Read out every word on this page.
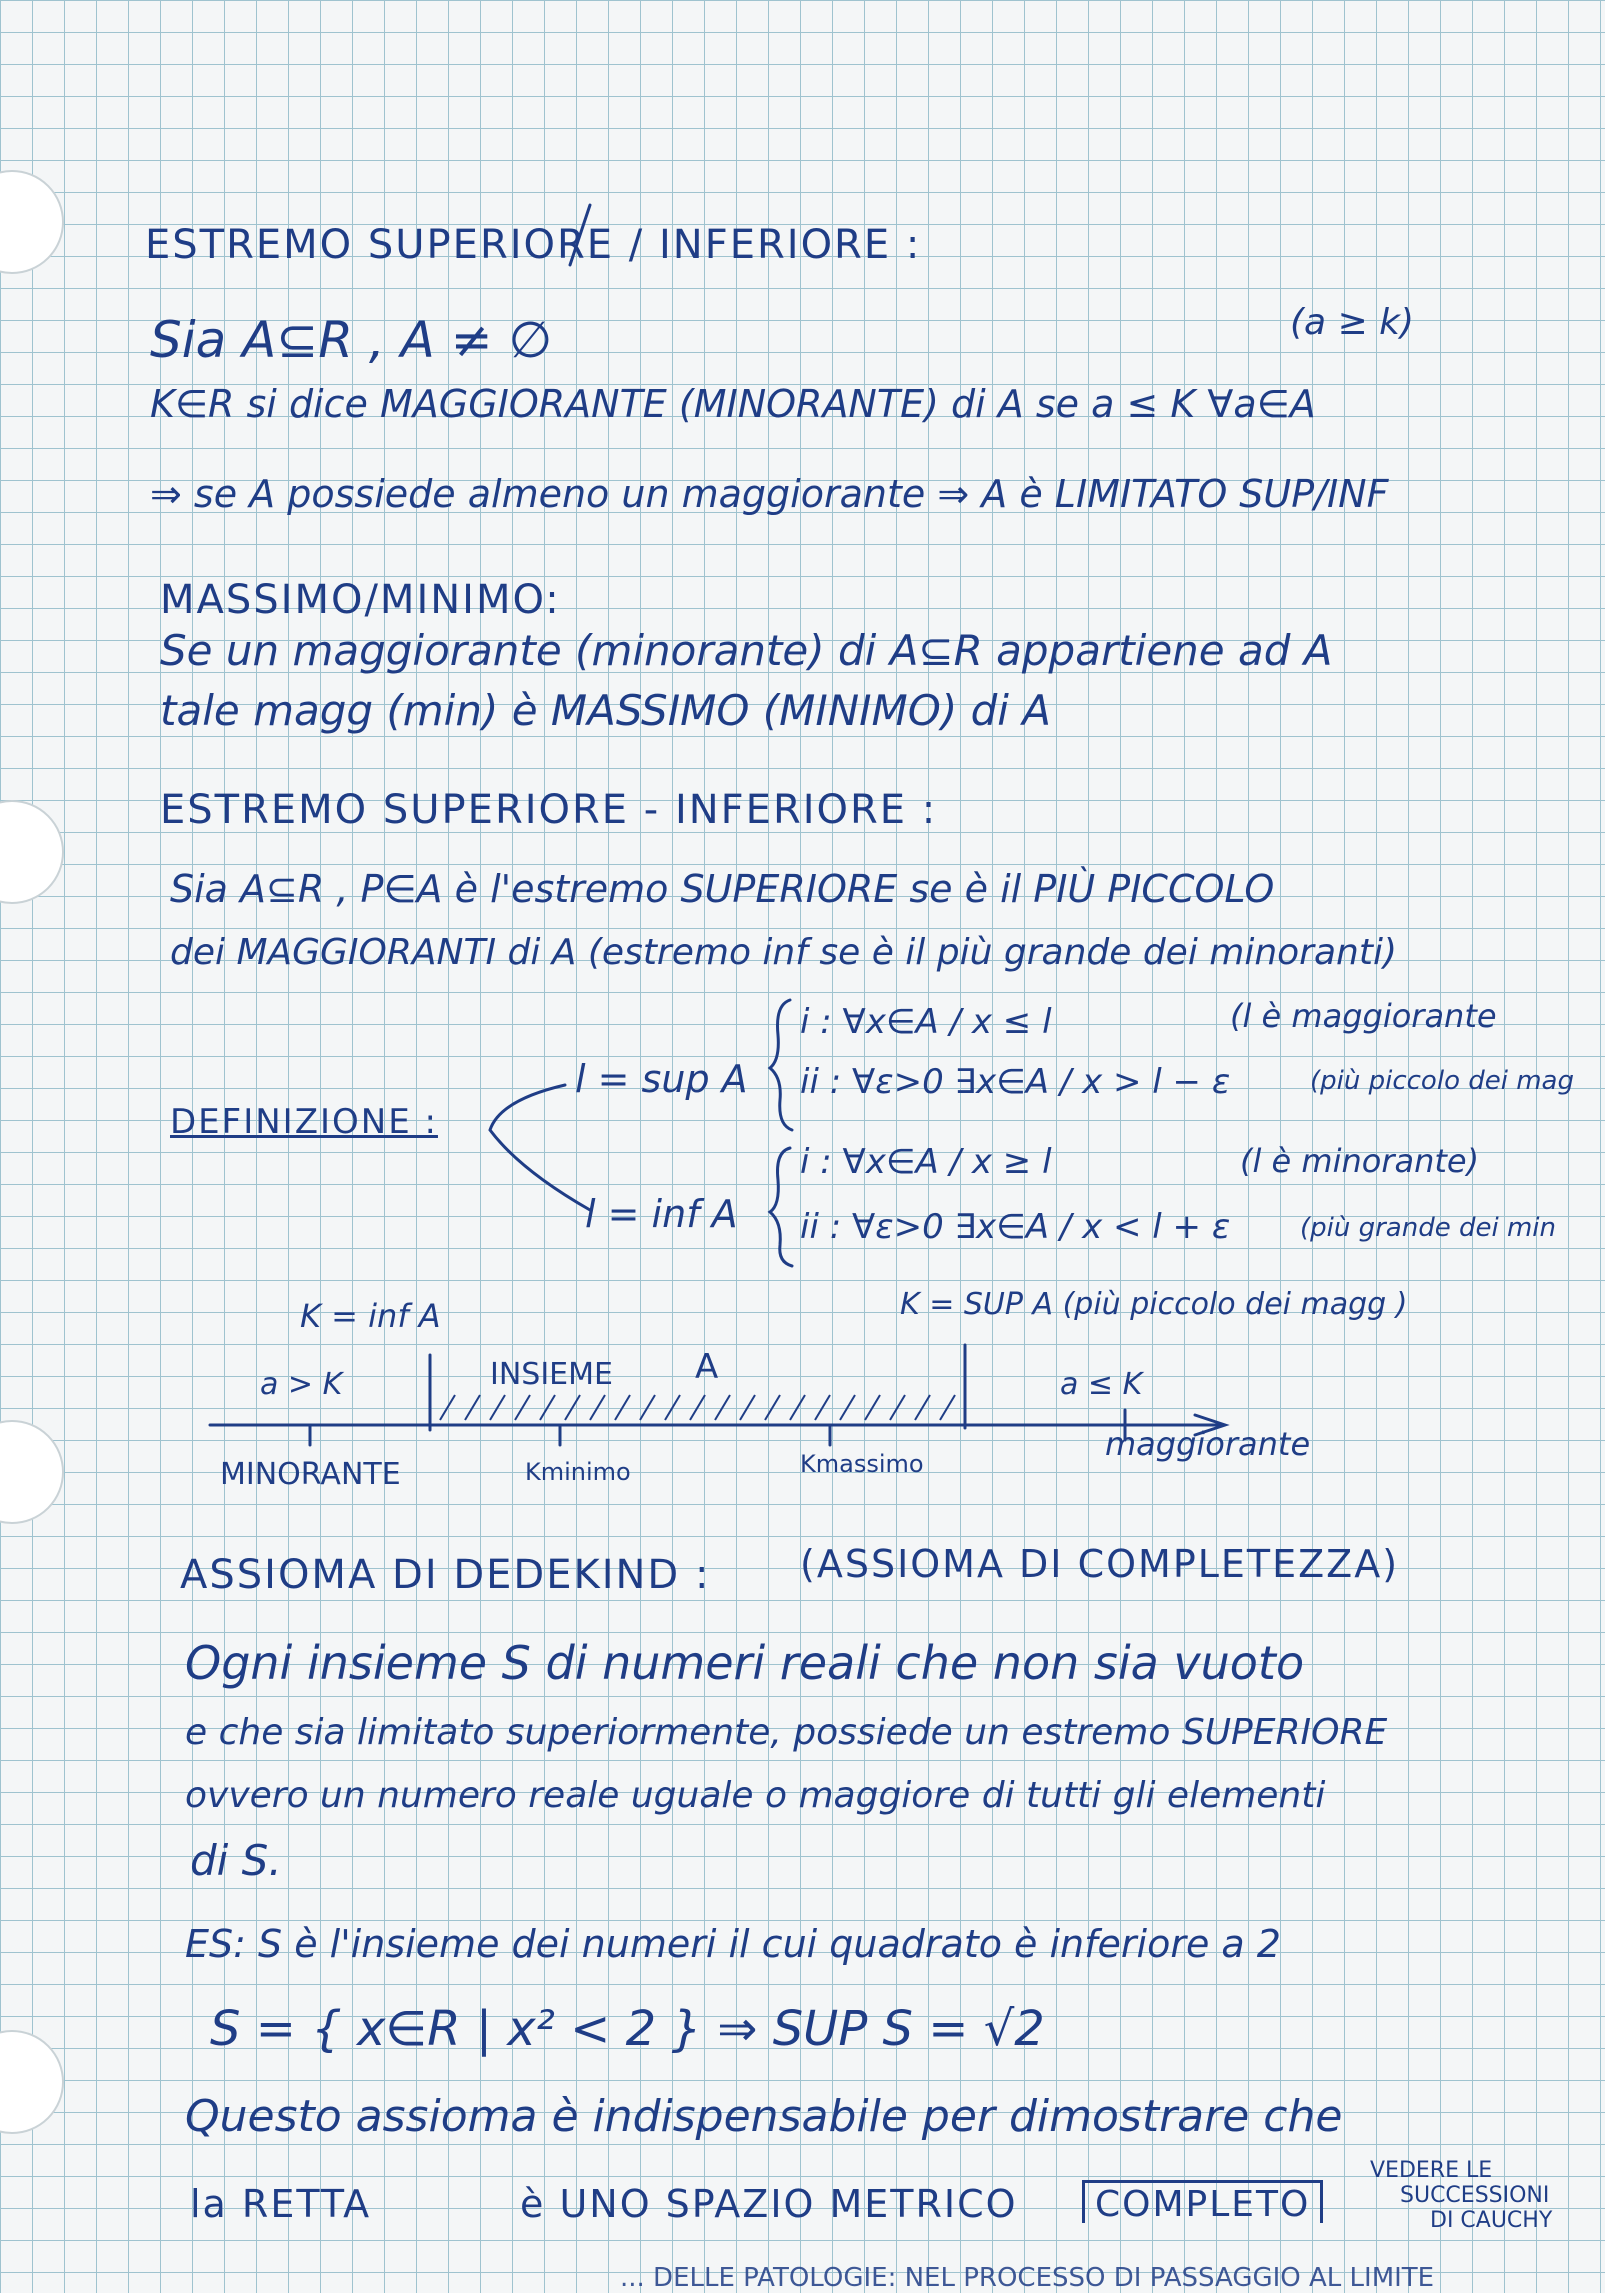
ESTREMO SUPERIORE / INFERIORE :
(a ≥ k)
Sia A⊆R , A ≠ ∅
K∈R si dice MAGGIORANTE (MINORANTE) di A se a ≤ K ∀a∈A
⇒ se A possiede almeno un maggiorante ⇒ A è LIMITATO SUP/INF
MASSIMO/MINIMO:
Se un maggiorante (minorante) di A⊆R appartiene ad A
tale magg (min) è MASSIMO (MINIMO) di A
ESTREMO SUPERIORE - INFERIORE :
Sia A⊆R , P∈A è l'estremo SUPERIORE se è il PIÙ PICCOLO
dei MAGGIORANTI di A (estremo inf se è il più grande dei minoranti)
DEFINIZIONE :
l = sup A
i : ∀x∈A / x ≤ l	(l è maggiorante
ii : ∀ε>0 ∃x∈A / x > l − ε	(più piccolo dei mag
l = inf A
i : ∀x∈A / x ≥ l	(l è minorante)
ii : ∀ε>0 ∃x∈A / x < l + ε	(più grande dei min
K = inf A	K = SUP A (più piccolo dei magg )
a > K	INSIEME A	a ≤ K
MINORANTE	Kminimo	Kmassimo
maggiorante
ASSIOMA DI DEDEKIND : (ASSIOMA DI COMPLETEZZA)
Ogni insieme S di numeri reali che non sia vuoto
e che sia limitato superiormente, possiede un estremo SUPERIORE
ovvero un numero reale uguale o maggiore di tutti gli elementi
di S.
ES: S è l'insieme dei numeri il cui quadrato è inferiore a 2
S = { x∈R | x² < 2 } ⇒ SUP S = √2
Questo assioma è indispensabile per dimostrare che
la RETTA	è UNO SPAZIO METRICO	COMPLETO
VEDERE LE
SUCCESSIONI
DI CAUCHY
... DELLE PATOLOGIE: NEL PROCESSO DI PASSAGGIO AL LIMITE
